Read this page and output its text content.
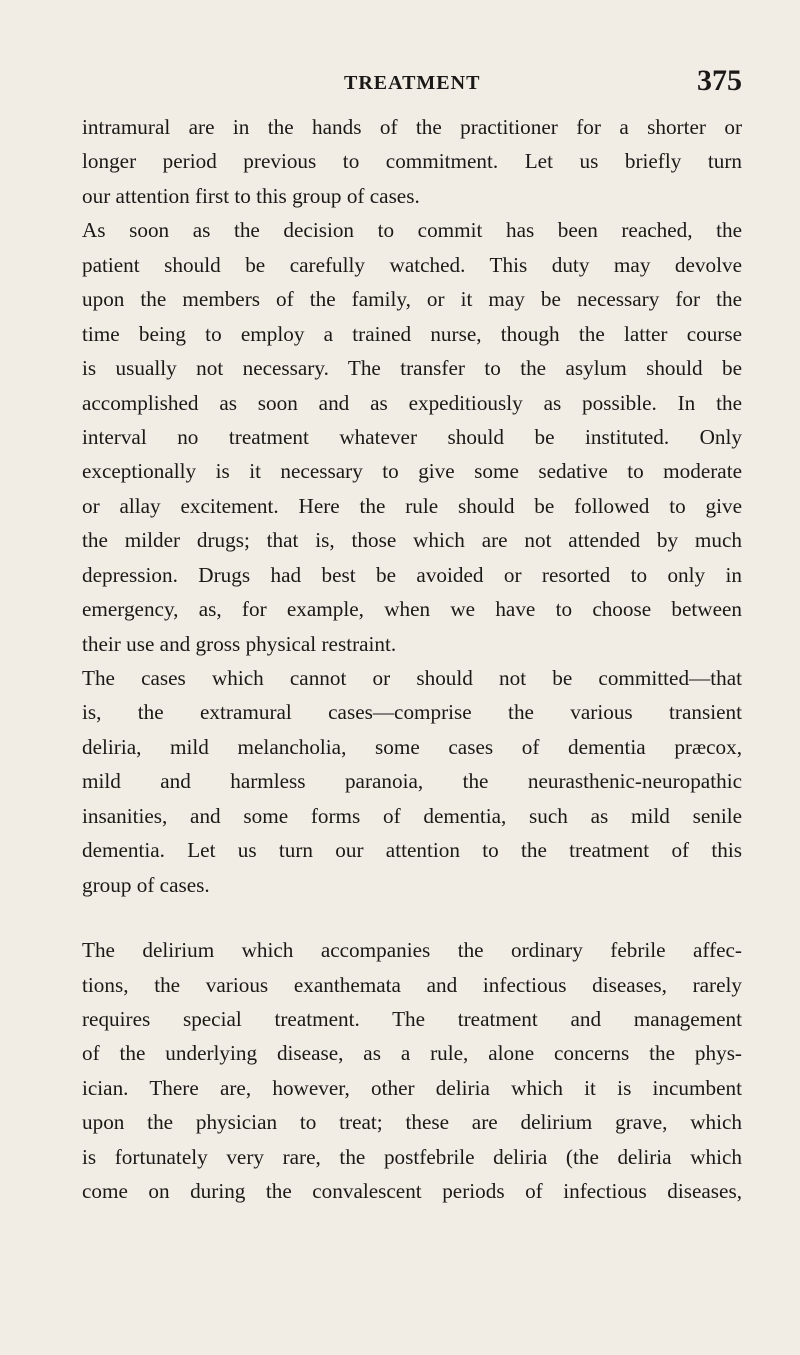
TREATMENT	375
intramural are in the hands of the practitioner for a shorter or
longer period previous to commitment. Let us briefly turn
our attention first to this group of cases.
As soon as the decision to commit has been reached, the
patient should be carefully watched. This duty may devolve
upon the members of the family, or it may be necessary for the
time being to employ a trained nurse, though the latter course
is usually not necessary. The transfer to the asylum should be
accomplished as soon and as expeditiously as possible. In the
interval no treatment whatever should be instituted. Only
exceptionally is it necessary to give some sedative to moderate
or allay excitement. Here the rule should be followed to give
the milder drugs; that is, those which are not attended by much
depression. Drugs had best be avoided or resorted to only in
emergency, as, for example, when we have to choose between
their use and gross physical restraint.
The cases which cannot or should not be committed—that
is, the extramural cases—comprise the various transient
deliria, mild melancholia, some cases of dementia præcox,
mild and harmless paranoia, the neurasthenic-neuropathic
insanities, and some forms of dementia, such as mild senile
dementia. Let us turn our attention to the treatment of this
group of cases.
The delirium which accompanies the ordinary febrile affec-
tions, the various exanthemata and infectious diseases, rarely
requires special treatment. The treatment and management
of the underlying disease, as a rule, alone concerns the phys-
ician. There are, however, other deliria which it is incumbent
upon the physician to treat; these are delirium grave, which
is fortunately very rare, the postfebrile deliria (the deliria which
come on during the convalescent periods of infectious diseases,
